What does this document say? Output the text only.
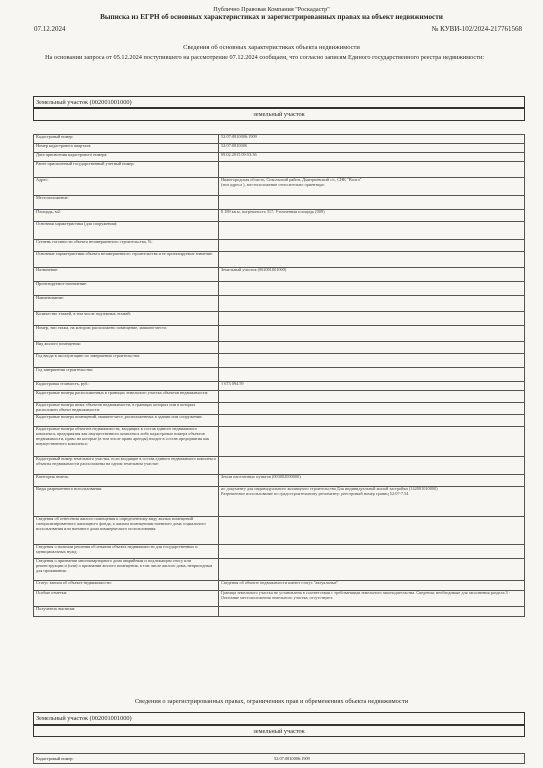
Публично Правовая Компания "Роскадастр"
Выписка из ЕГРН об основных характеристиках и зарегистрированных правах на объект недвижимости
07.12.2024	№ КУВИ-102/2024-217761568
Сведения об основных характеристиках объекта недвижимости
На основании запроса от 05.12.2024 поступившего на рассмотрение 07.12.2024 сообщаем, что согласно записям Единого государственного реестра недвижимости:
Земельный участок (002001001000)
земельный участок
Кадастровый номер:	52:07:0810006:1909
Номер кадастрового квартала:	52:07:0810006
Дата присвоения кадастрового номера:	09.02.2015 09:53:36
Ранее присвоенный государственный учетный номер:	
Адрес:	Нижегородская область, Сокольский район, Дмитриевский с/с, СНК "Волга"
(тип адреса ), местоположение относительно ориентира:
Местоположение:	
Площадь, м2:	8 189 кв.м, погрешность 317, Уточненная площадь (009)
Основная характеристика (для сооружения):	
Степень готовности объекта незавершенного строительства, %:	
Основные характеристики объекта незавершенного строительства и ее проектируемое значение:	
Назначение:	Земельный участок (002001001000)
Проектируемое назначение:	
Наименование:	
Количество этажей, в том числе подземных этажей:	
Номер, тип этажа, на котором расположено помещение, машино-место:	
Вид жилого помещения:	
Год ввода в эксплуатацию по завершении строительства:	
Год завершения строительства:	
Кадастровая стоимость, руб.:	1 673 094.59
Кадастровые номера расположенных в границах земельного участка объектов недвижимости:	
Кадастровые номера иных объектов недвижимости, в границах которых или в которых расположен объект недвижимости:	
Кадастровые номера помещений, машино-мест, расположенных в здании или сооружении:	
Кадастровые номера объектов недвижимости, входящих в состав единого недвижимого комплекса, предприятия как имущественного комплекса либо кадастровые номера объектов недвижимости, право на которые (в том числе право аренды) входит в состав предприятия как имущественного комплекса:	
Кадастровый номер земельного участка, если входящие в состав единого недвижимого комплекса объекты недвижимости расположены на одном земельном участке:	
Категория земель:	Земли населенных пунктов (003002000000)
Виды разрешенного использования:	по документу для индивидуального жилищного строительства Для индивидуальной жилой застройки (142001010000)
Разрешенное использование по градостроительному регламенту: реестровый номер границ 52:07-7.54
Сведения об отнесении жилого помещения к определенному виду жилых помещений специализированного жилищного фонда, к жилым помещениям наемного дома социального использования или наемного дома коммерческого использования:	
Сведения о наличии решения об изъятии объекта недвижимости для государственных и муниципальных нужд:	
Сведения о признании многоквартирного дома аварийным и подлежащим сносу или реконструкции и (или) о признании жилого помещения, в том числе жилого дома, непригодным для проживания:	
Статус записи об объекте недвижимости:	Сведения об объекте недвижимости имеют статус "актуальные"
Особые отметки:	Граница земельного участка не установлена в соответствии с требованиями земельного законодательства. Сведения, необходимые для заполнения раздела 3 - Описание местоположения земельного участка, отсутствуют.
Получатель выписки:	
Сведения о зарегистрированных правах, ограничениях прав и обременениях объекта недвижимости
Земельный участок (002001001000)
земельный участок
Кадастровый номер:	52:07:0810006:1909
